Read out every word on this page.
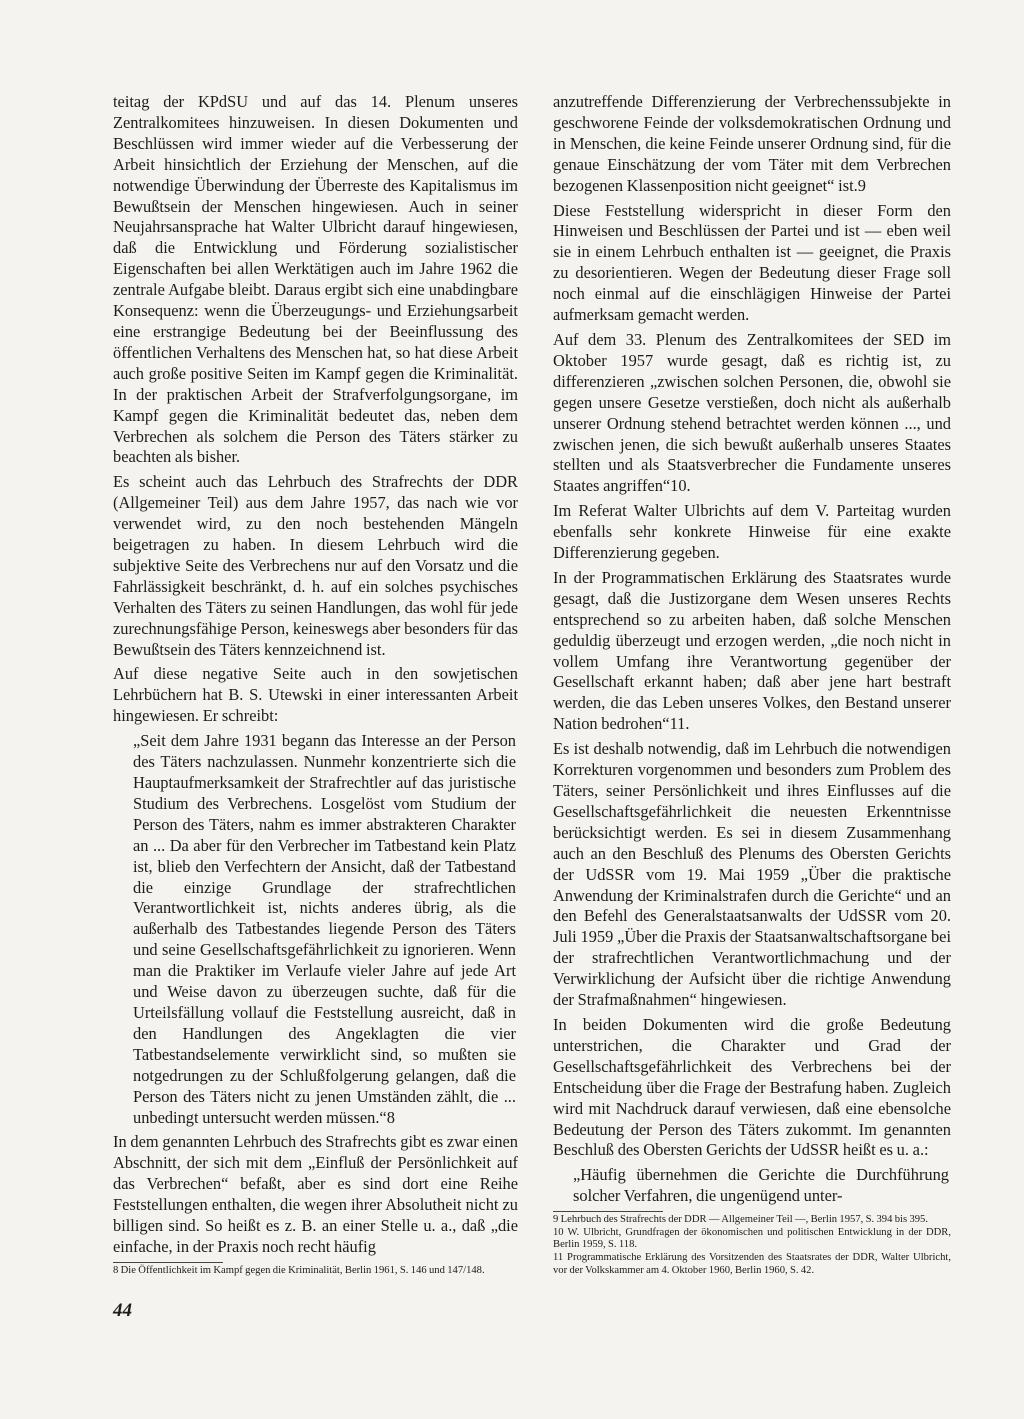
teitag der KPdSU und auf das 14. Plenum unseres Zentralkomitees hinzuweisen. In diesen Dokumenten und Beschlüssen wird immer wieder auf die Verbesserung der Arbeit hinsichtlich der Erziehung der Menschen, auf die notwendige Überwindung der Überreste des Kapitalismus im Bewußtsein der Menschen hingewiesen. Auch in seiner Neujahrsansprache hat Walter Ulbricht darauf hingewiesen, daß die Entwicklung und Förderung sozialistischer Eigenschaften bei allen Werktätigen auch im Jahre 1962 die zentrale Aufgabe bleibt. Daraus ergibt sich eine unabdingbare Konsequenz: wenn die Überzeugungs- und Erziehungsarbeit eine erstrangige Bedeutung bei der Beeinflussung des öffentlichen Verhaltens des Menschen hat, so hat diese Arbeit auch große positive Seiten im Kampf gegen die Kriminalität. In der praktischen Arbeit der Strafverfolgungsorgane, im Kampf gegen die Kriminalität bedeutet das, neben dem Verbrechen als solchem die Person des Täters stärker zu beachten als bisher.

Es scheint auch das Lehrbuch des Strafrechts der DDR (Allgemeiner Teil) aus dem Jahre 1957, das nach wie vor verwendet wird, zu den noch bestehenden Mängeln beigetragen zu haben. In diesem Lehrbuch wird die subjektive Seite des Verbrechens nur auf den Vorsatz und die Fahrlässigkeit beschränkt, d. h. auf ein solches psychisches Verhalten des Täters zu seinen Handlungen, das wohl für jede zurechnungsfähige Person, keineswegs aber besonders für das Bewußtsein des Täters kennzeichnend ist.

Auf diese negative Seite auch in den sowjetischen Lehrbüchern hat B. S. Utewski in einer interessanten Arbeit hingewiesen. Er schreibt:

„Seit dem Jahre 1931 begann das Interesse an der Person des Täters nachzulassen. Nunmehr konzentrierte sich die Hauptaufmerksamkeit der Strafrechtler auf das juristische Studium des Verbrechens. Losgelöst vom Studium der Person des Täters, nahm es immer abstrakteren Charakter an ... Da aber für den Verbrecher im Tatbestand kein Platz ist, blieb den Verfechtern der Ansicht, daß der Tatbestand die einzige Grundlage der strafrechtlichen Verantwortlichkeit ist, nichts anderes übrig, als die außerhalb des Tatbestandes liegende Person des Täters und seine Gesellschaftsgefährlichkeit zu ignorieren. Wenn man die Praktiker im Verlaufe vieler Jahre auf jede Art und Weise davon zu überzeugen suchte, daß für die Urteilsfällung vollauf die Feststellung ausreicht, daß in den Handlungen des Angeklagten die vier Tatbestandselemente verwirklicht sind, so mußten sie notgedrungen zu der Schlußfolgerung gelangen, daß die Person des Täters nicht zu jenen Umständen zählt, die ... unbedingt untersucht werden müssen.“8

In dem genannten Lehrbuch des Strafrechts gibt es zwar einen Abschnitt, der sich mit dem „Einfluß der Persönlichkeit auf das Verbrechen“ befaßt, aber es sind dort eine Reihe Feststellungen enthalten, die wegen ihrer Absolutheit nicht zu billigen sind. So heißt es z. B. an einer Stelle u. a., daß „die einfache, in der Praxis noch recht häufig

8 Die Öffentlichkeit im Kampf gegen die Kriminalität, Berlin 1961, S. 146 und 147/148.

anzutreffende Differenzierung der Verbrechenssubjekte in geschworene Feinde der volksdemokratischen Ordnung und in Menschen, die keine Feinde unserer Ordnung sind, für die genaue Einschätzung der vom Täter mit dem Verbrechen bezogenen Klassenposition nicht geeignet“ ist.9

Diese Feststellung widerspricht in dieser Form den Hinweisen und Beschlüssen der Partei und ist — eben weil sie in einem Lehrbuch enthalten ist — geeignet, die Praxis zu desorientieren. Wegen der Bedeutung dieser Frage soll noch einmal auf die einschlägigen Hinweise der Partei aufmerksam gemacht werden.

Auf dem 33. Plenum des Zentralkomitees der SED im Oktober 1957 wurde gesagt, daß es richtig ist, zu differenzieren „zwischen solchen Personen, die, obwohl sie gegen unsere Gesetze verstießen, doch nicht als außerhalb unserer Ordnung stehend betrachtet werden können ..., und zwischen jenen, die sich bewußt außerhalb unseres Staates stellten und als Staatsverbrecher die Fundamente unseres Staates angriffen“10.

Im Referat Walter Ulbrichts auf dem V. Parteitag wurden ebenfalls sehr konkrete Hinweise für eine exakte Differenzierung gegeben.

In der Programmatischen Erklärung des Staatsrates wurde gesagt, daß die Justizorgane dem Wesen unseres Rechts entsprechend so zu arbeiten haben, daß solche Menschen geduldig überzeugt und erzogen werden, „die noch nicht in vollem Umfang ihre Verantwortung gegenüber der Gesellschaft erkannt haben; daß aber jene hart bestraft werden, die das Leben unseres Volkes, den Bestand unserer Nation bedrohen“11.

Es ist deshalb notwendig, daß im Lehrbuch die notwendigen Korrekturen vorgenommen und besonders zum Problem des Täters, seiner Persönlichkeit und ihres Einflusses auf die Gesellschaftsgefährlichkeit die neuesten Erkenntnisse berücksichtigt werden. Es sei in diesem Zusammenhang auch an den Beschluß des Plenums des Obersten Gerichts der UdSSR vom 19. Mai 1959 „Über die praktische Anwendung der Kriminalstrafen durch die Gerichte“ und an den Befehl des Generalstaatsanwalts der UdSSR vom 20. Juli 1959 „Über die Praxis der Staatsanwaltschaftsorgane bei der strafrechtlichen Verantwortlichmachung und der Verwirklichung der Aufsicht über die richtige Anwendung der Strafmaßnahmen“ hingewiesen.

In beiden Dokumenten wird die große Bedeutung unterstrichen, die Charakter und Grad der Gesellschaftsgefährlichkeit des Verbrechens bei der Entscheidung über die Frage der Bestrafung haben. Zugleich wird mit Nachdruck darauf verwiesen, daß eine ebensolche Bedeutung der Person des Täters zukommt. Im genannten Beschluß des Obersten Gerichts der UdSSR heißt es u. a.:

„Häufig übernehmen die Gerichte die Durchführung solcher Verfahren, die ungenügend unter-

9 Lehrbuch des Strafrechts der DDR — Allgemeiner Teil —, Berlin 1957, S. 394 bis 395.

10 W. Ulbricht, Grundfragen der ökonomischen und politischen Entwicklung in der DDR, Berlin 1959, S. 118.

11 Programmatische Erklärung des Vorsitzenden des Staatsrates der DDR, Walter Ulbricht, vor der Volkskammer am 4. Oktober 1960, Berlin 1960, S. 42.

44
